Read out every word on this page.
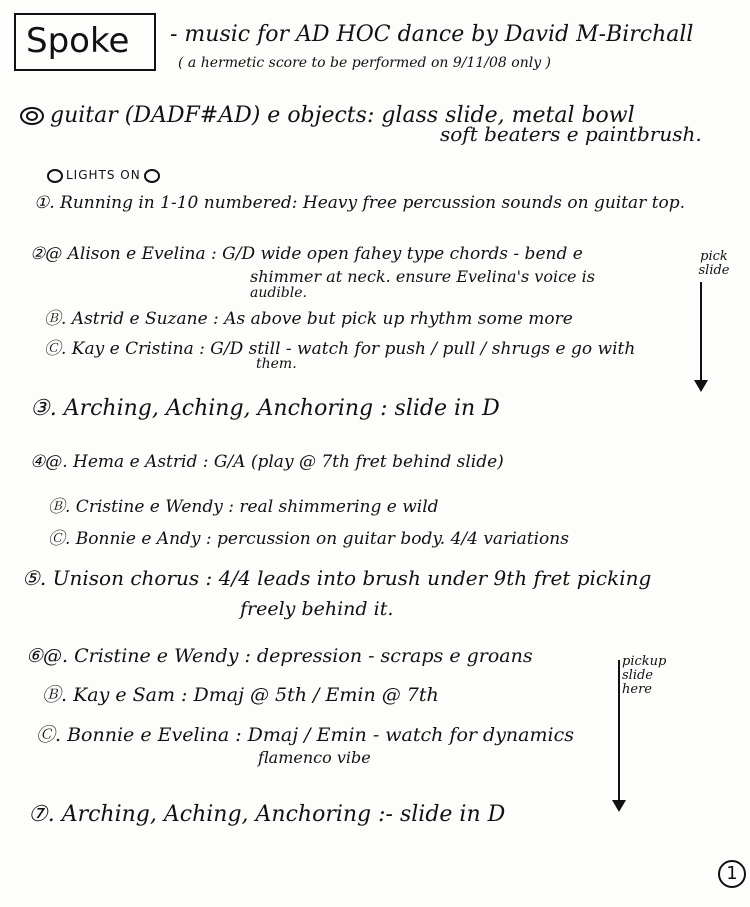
Spoke	- music for AD HOC dance by David M-Birchall
( a hermetic score to be performed on 9/11/08 only )
guitar (DADF#AD) e objects: glass slide, metal bowl
soft beaters e paintbrush.
LIGHTS ON
①. Running in 1-10 numbered: Heavy free percussion sounds on guitar top.
②@ Alison e Evelina : G/D wide open fahey type chords - bend e
shimmer at neck. ensure Evelina's voice is
audible.
Ⓑ. Astrid e Suzane : As above but pick up rhythm some more
Ⓒ. Kay e Cristina : G/D still - watch for push / pull / shrugs e go with
them.
pick slide
③. Arching, Aching, Anchoring : slide in D
④@. Hema e Astrid : G/A (play @ 7th fret behind slide)
Ⓑ. Cristine e Wendy : real shimmering e wild
Ⓒ. Bonnie e Andy : percussion on guitar body. 4/4 variations
⑤. Unison chorus : 4/4 leads into brush under 9th fret picking
freely behind it.
⑥@. Cristine e Wendy : depression - scraps e groans
Ⓑ. Kay e Sam : Dmaj @ 5th / Emin @ 7th
Ⓒ. Bonnie e Evelina : Dmaj / Emin - watch for dynamics
flamenco vibe
pickup slide here
⑦. Arching, Aching, Anchoring :- slide in D
1
